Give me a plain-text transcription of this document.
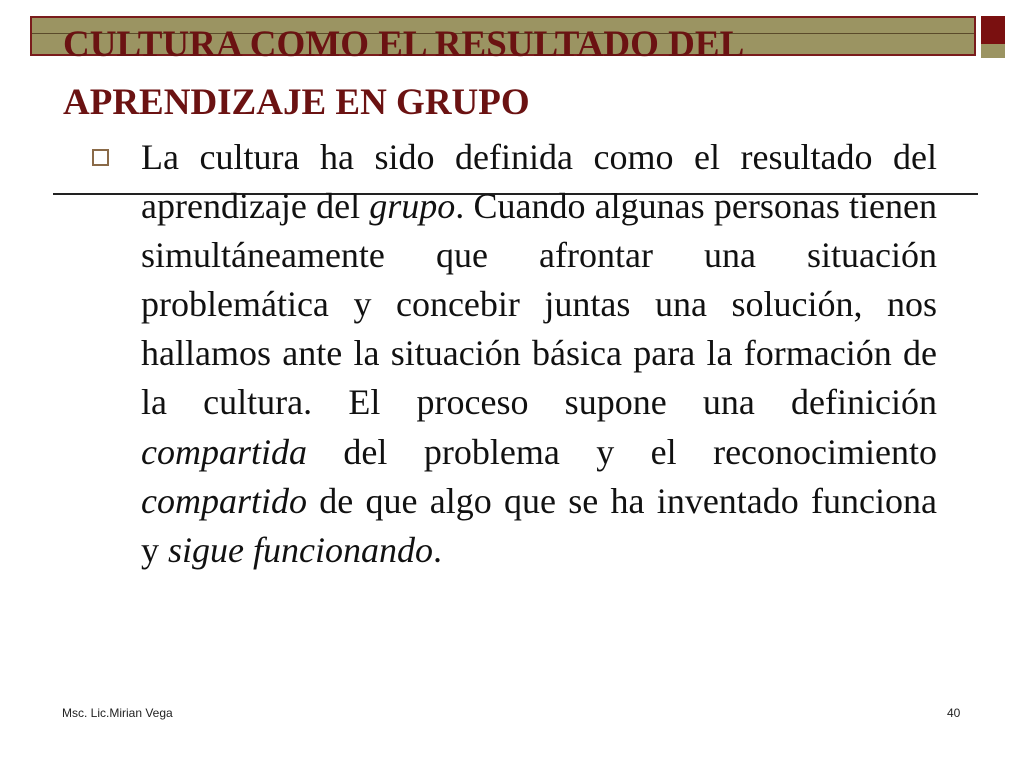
CULTURA COMO EL RESULTADO DEL
APRENDIZAJE EN GRUPO

La cultura ha sido definida como el resultado del aprendizaje del grupo. Cuando algunas personas tienen simultáneamente que afrontar una situación problemática y concebir juntas una solución, nos hallamos ante la situación básica para la formación de la cultura. El proceso supone una definición compartida del problema y el reconocimiento compartido de que algo que se ha inventado funciona y sigue funcionando.

Msc. Lic.Mirian Vega	40
